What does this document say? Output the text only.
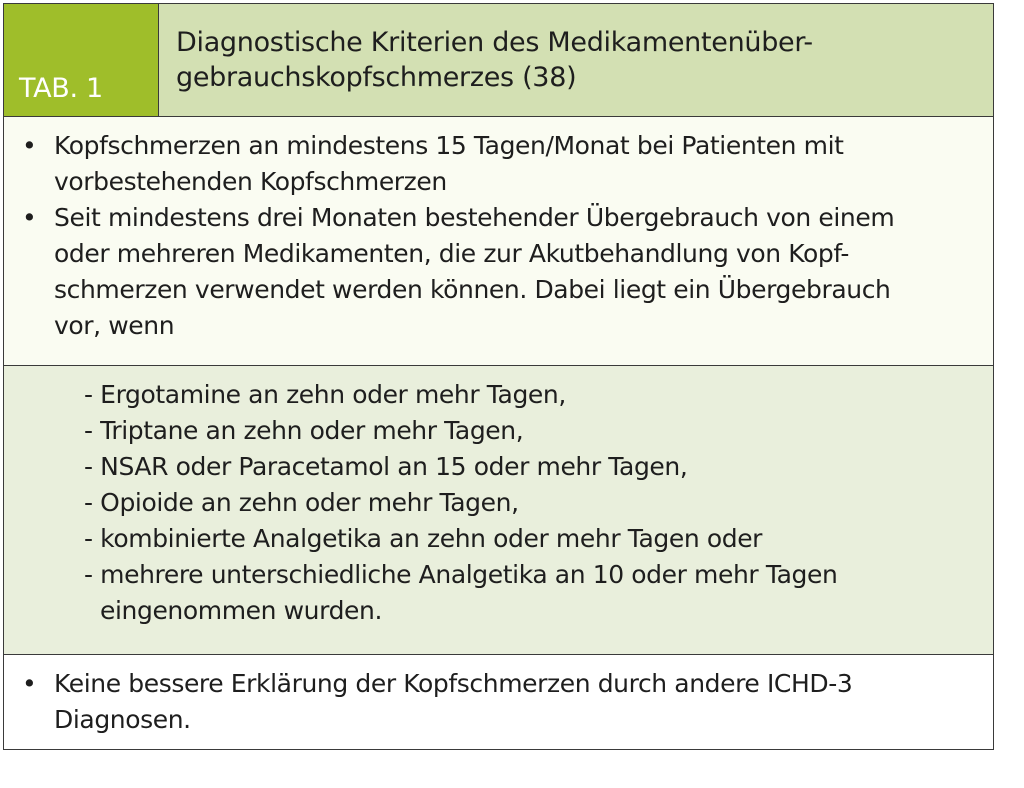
TAB. 1
Diagnostische Kriterien des Medikamentenüber-
gebrauchskopfschmerzes (38)
• Kopfschmerzen an mindestens 15 Tagen/Monat bei Patienten mit
vorbestehenden Kopfschmerzen
• Seit mindestens drei Monaten bestehender Übergebrauch von einem
oder mehreren Medikamenten, die zur Akutbehandlung von Kopf-
schmerzen verwendet werden können. Dabei liegt ein Übergebrauch
vor, wenn
- Ergotamine an zehn oder mehr Tagen,
- Triptane an zehn oder mehr Tagen,
- NSAR oder Paracetamol an 15 oder mehr Tagen,
- Opioide an zehn oder mehr Tagen,
- kombinierte Analgetika an zehn oder mehr Tagen oder
- mehrere unterschiedliche Analgetika an 10 oder mehr Tagen
eingenommen wurden.
• Keine bessere Erklärung der Kopfschmerzen durch andere ICHD-3
Diagnosen.
